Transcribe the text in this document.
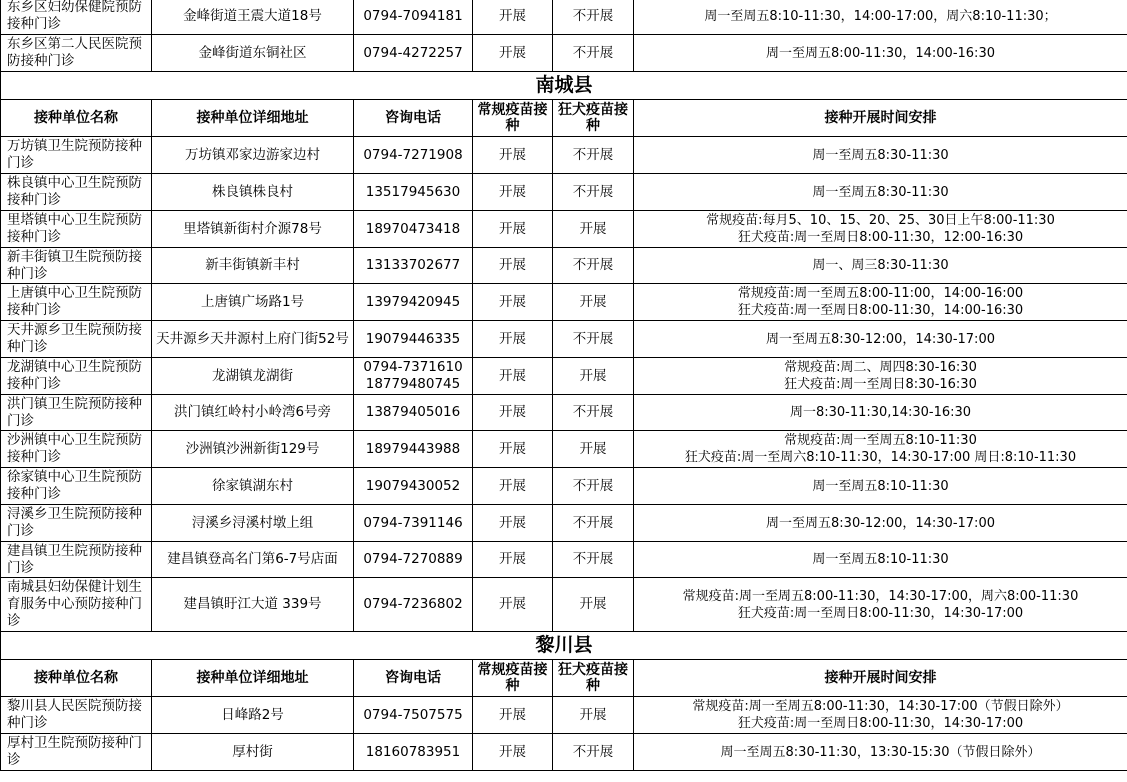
东乡区妇幼保健院预防接种门诊	金峰街道王震大道18号	0794-7094181	开展	不开展	周一至周五8:10-11:30，14:00-17:00，周六8:10-11:30；

东乡区第二人民医院预防接种门诊	金峰街道东铜社区	0794-4272257	开展	不开展	周一至周五8:00-11:30，14:00-16:30

南城县					
接种单位名称	接种单位详细地址	咨询电话	常规疫苗接种	狂犬疫苗接种	接种开展时间安排
万坊镇卫生院预防接种门诊	万坊镇邓家边游家边村	0794-7271908	开展	不开展	周一至周五8:30-11:30

株良镇中心卫生院预防接种门诊	株良镇株良村	13517945630	开展	不开展	周一至周五8:30-11:30

里塔镇中心卫生院预防接种门诊	里塔镇新街村介源78号	18970473418	开展	开展	常规疫苗:每月5、10、15、20、25、30日上午8:00-11:30
狂犬疫苗:周一至周日8:00-11:30，12:00-16:30

新丰街镇卫生院预防接种门诊	新丰街镇新丰村	13133702677	开展	不开展	周一、周三8:30-11:30

上唐镇中心卫生院预防接种门诊	上唐镇广场路1号	13979420945	开展	开展	常规疫苗:周一至周五8:00-11:00，14:00-16:00
狂犬疫苗:周一至周日8:00-11:30，14:00-16:30

天井源乡卫生院预防接种门诊	天井源乡天井源村上府门街52号	19079446335	开展	不开展	周一至周五8:30-12:00，14:30-17:00

龙湖镇中心卫生院预防接种门诊	龙湖镇龙湖街	0794-7371610
18779480745	开展	开展	常规疫苗:周二、周四8:30-16:30
狂犬疫苗:周一至周日8:30-16:30

洪门镇卫生院预防接种门诊	洪门镇红岭村小岭湾6号旁	13879405016	开展	不开展	周一8:30-11:30,14:30-16:30

沙洲镇中心卫生院预防接种门诊	沙洲镇沙洲新街129号	18979443988	开展	开展	常规疫苗:周一至周五8:10-11:30
狂犬疫苗:周一至周六8:10-11:30，14:30-17:00 周日:8:10-11:30

徐家镇中心卫生院预防接种门诊	徐家镇湖东村	19079430052	开展	不开展	周一至周五8:10-11:30

浔溪乡卫生院预防接种门诊	浔溪乡浔溪村墩上组	0794-7391146	开展	不开展	周一至周五8:30-12:00，14:30-17:00

建昌镇卫生院预防接种门诊	建昌镇登高名门第6-7号店面	0794-7270889	开展	不开展	周一至周五8:10-11:30

南城县妇幼保健计划生育服务中心预防接种门诊	建昌镇盱江大道 339号	0794-7236802	开展	开展	常规疫苗:周一至周五8:00-11:30，14:30-17:00，周六8:00-11:30
狂犬疫苗:周一至周日8:00-11:30，14:30-17:00

黎川县					
接种单位名称	接种单位详细地址	咨询电话	常规疫苗接种	狂犬疫苗接种	接种开展时间安排
黎川县人民医院预防接种门诊	日峰路2号	0794-7507575	开展	开展	常规疫苗:周一至周五8:00-11:30，14:30-17:00（节假日除外）
狂犬疫苗:周一至周日8:00-11:30，14:30-17:00

厚村卫生院预防接种门诊	厚村街	18160783951	开展	不开展	周一至周五8:30-11:30，13:30-15:30（节假日除外）
